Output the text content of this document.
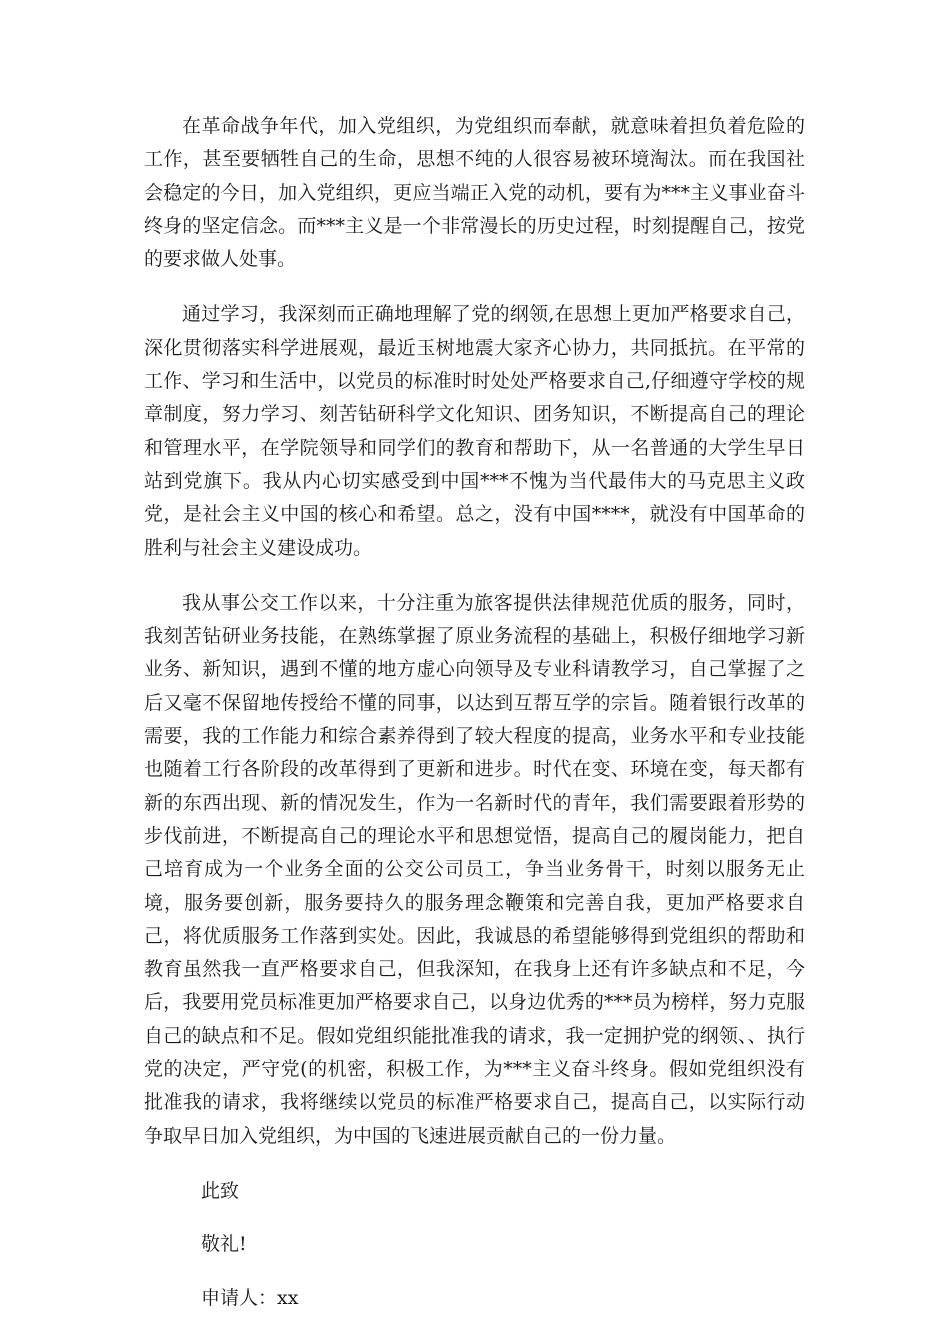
在革命战争年代，加入党组织，为党组织而奉献，就意味着担负着危险的工作，甚至要牺牲自己的生命，思想不纯的人很容易被环境淘汰。而在我国社会稳定的今日，加入党组织，更应当端正入党的动机，要有为***主义事业奋斗终身的坚定信念。而***主义是一个非常漫长的历史过程，时刻提醒自己，按党的要求做人处事。

通过学习，我深刻而正确地理解了党的纲领,在思想上更加严格要求自己，深化贯彻落实科学进展观，最近玉树地震大家齐心协力，共同抵抗。在平常的工作、学习和生活中，以党员的标准时时处处严格要求自己,仔细遵守学校的规章制度，努力学习、刻苦钻研科学文化知识、团务知识，不断提高自己的理论和管理水平，在学院领导和同学们的教育和帮助下，从一名普通的大学生早日站到党旗下。我从内心切实感受到中国***不愧为当代最伟大的马克思主义政党，是社会主义中国的核心和希望。总之，没有中国****，就没有中国革命的胜利与社会主义建设成功。

我从事公交工作以来，十分注重为旅客提供法律规范优质的服务，同时，我刻苦钻研业务技能，在熟练掌握了原业务流程的基础上，积极仔细地学习新业务、新知识，遇到不懂的地方虚心向领导及专业科请教学习，自己掌握了之后又毫不保留地传授给不懂的同事，以达到互帮互学的宗旨。随着银行改革的需要，我的工作能力和综合素养得到了较大程度的提高，业务水平和专业技能也随着工行各阶段的改革得到了更新和进步。时代在变、环境在变，每天都有新的东西出现、新的情况发生，作为一名新时代的青年，我们需要跟着形势的步伐前进，不断提高自己的理论水平和思想觉悟，提高自己的履岗能力，把自己培育成为一个业务全面的公交公司员工，争当业务骨干，时刻以服务无止境，服务要创新，服务要持久的服务理念鞭策和完善自我，更加严格要求自己，将优质服务工作落到实处。因此，我诚恳的希望能够得到党组织的帮助和教育虽然我一直严格要求自己，但我深知，在我身上还有许多缺点和不足，今后，我要用党员标准更加严格要求自己，以身边优秀的***员为榜样，努力克服自己的缺点和不足。假如党组织能批准我的请求，我一定拥护党的纲领、、执行党的决定，严守党(的机密，积极工作，为***主义奋斗终身。假如党组织没有批准我的请求，我将继续以党员的标准严格要求自己，提高自己，以实际行动争取早日加入党组织，为中国的飞速进展贡献自己的一份力量。

此致
敬礼!
申请人：xx
